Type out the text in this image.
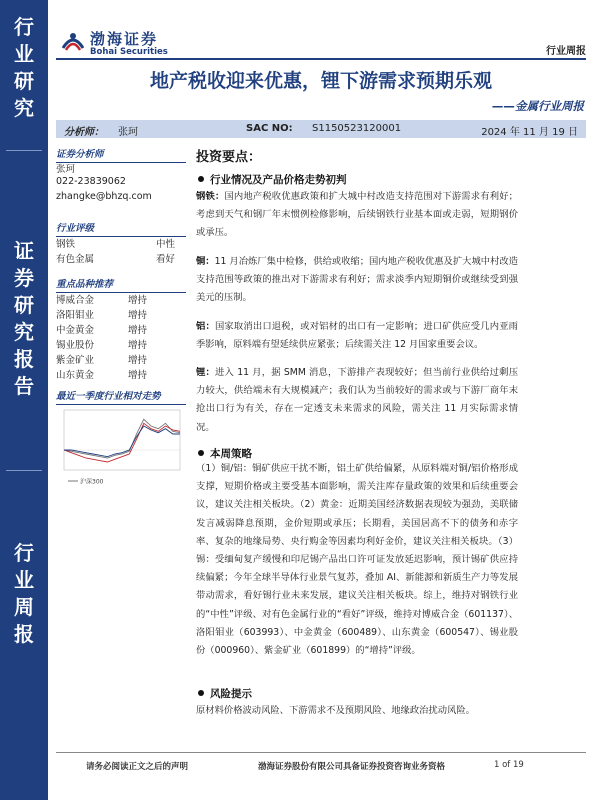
行
业
研
究
证
券
研
究
报
告
行
业
周
报
渤海证券
Bohai Securities	行业周报
地产税收迎来优惠，锂下游需求预期乐观
——金属行业周报
分析师： 张珂	SAC NO: S1150523120001	2024 年 11 月 19 日
证券分析师
张珂
022-23839062
zhangke@bhzq.com
行业评级
钢铁	中性
有色金属	看好
重点品种推荐
博威合金	增持
洛阳钼业	增持
中金黄金	增持
锡业股份	增持
紫金矿业	增持
山东黄金	增持
最近一季度行业相对走势
沪深300
投资要点：
行业情况及产品价格走势初判
钢铁：国内地产税收优惠政策和扩大城中村改造支持范围对下游需求有利好；考虑到天气和钢厂年末惯例检修影响，后续钢铁行业基本面或走弱，短期钢价或承压。
铜：11 月冶炼厂集中检修，供给或收缩；国内地产税收优惠及扩大城中村改造支持范围等政策的推出对下游需求有利好；需求淡季内短期铜价或继续受到强美元的压制。
铝：国家取消出口退税，或对铝材的出口有一定影响；进口矿供应受几内亚雨季影响，原料端有望延续供应紧张；后续需关注 12 月国家重要会议。
锂：进入 11 月，据 SMM 消息，下游排产表现较好；但当前行业供给过剩压力较大，供给端未有大规模减产；我们认为当前较好的需求或与下游厂商年末抢出口行为有关，存在一定透支未来需求的风险，需关注 11 月实际需求情况。
本周策略
（1）铜/铝：铜矿供应干扰不断，铝土矿供给偏紧，从原料端对铜/铝价格形成支撑，短期价格或主要受基本面影响，需关注库存量政策的效果和后续重要会议，建议关注相关板块。（2）黄金：近期美国经济数据表现较为强劲，美联储发言减弱降息预期，金价短期或承压；长期看，美国居高不下的债务和赤字率、复杂的地缘局势、央行购金等因素均利好金价，建议关注相关板块。（3）锡：受缅甸复产缓慢和印尼锡产品出口许可证发放延迟影响，预计锡矿供应持续偏紧；今年全球半导体行业景气复苏，叠加 AI、新能源和新质生产力等发展带动需求，看好锡行业未来发展，建议关注相关板块。综上，维持对钢铁行业的“中性”评级、对有色金属行业的“看好”评级，维持对博威合金（601137）、洛阳钼业（603993）、中金黄金（600489）、山东黄金（600547）、锡业股份（000960）、紫金矿业（601899）的“增持”评级。
风险提示
原材料价格波动风险、下游需求不及预期风险、地缘政治扰动风险。
请务必阅读正文之后的声明	渤海证券股份有限公司具备证券投资咨询业务资格	1 of 19
